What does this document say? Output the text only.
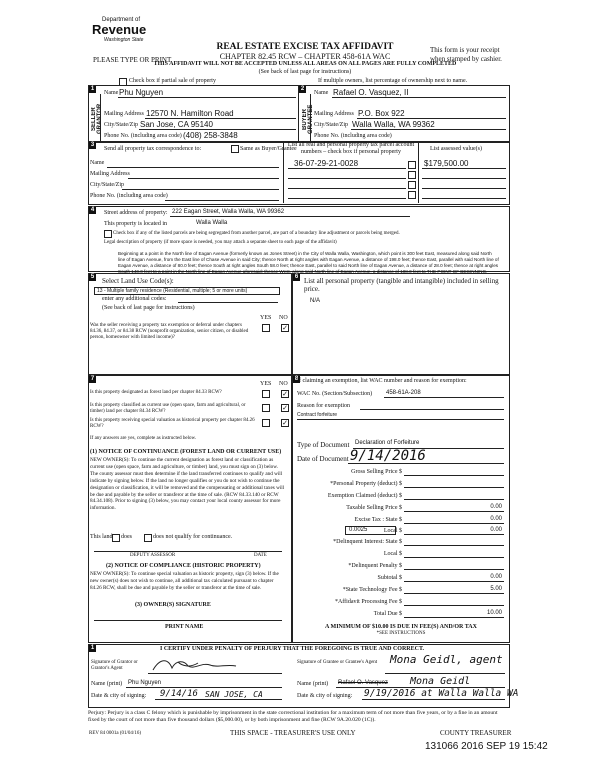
Department of
Revenue
Washington State
PLEASE TYPE OR PRINT
REAL ESTATE EXCISE TAX AFFIDAVIT
CHAPTER 82.45 RCW – CHAPTER 458-61A WAC
THIS AFFIDAVIT WILL NOT BE ACCEPTED UNLESS ALL AREAS ON ALL PAGES ARE FULLY COMPLETED
(See back of last page for instructions)
This form is your receipt
when stamped by cashier.
Check box if partial sale of property	If multiple owners, list percentage of ownership next to name.
1	2
SELLER GRANTOR	BUYER GRANTEE
Name Phu Nguyen
Mailing Address 12570 N. Hamilton Road
City/State/Zip San Jose, CA 95140
Phone No. (including area code) (408) 258-3848
Name Rafael O. Vasquez, II
Mailing Address P.O. Box 922
City/State/Zip Walla Walla, WA 99362
Phone No. (including area code)
3
Send all property tax correspondence to:	Same as Buyer/Grantee
Name
Mailing Address
City/State/Zip
Phone No. (including area code)
List all real and personal property tax parcel account numbers – check box if personal property	List assessed value(s)
36-07-29-21-0028	$179,500.00
4	Street address of property: 222 Eagan Street, Walla Walla, WA 99362
This property is located in	Walla Walla
Check box if any of the listed parcels are being segregated from another parcel, are part of a boundary line adjustment or parcels being merged.
Legal description of property (if more space is needed, you may attach a separate sheet to each page of the affidavit)
Beginning at a point in the North line of Eagan Avenue (formerly known as Jones Street) in the City of Walla Walla, Washington, which point is 300 feet East, measured along said North line of Eagan Avenue, from the East line of Chase Avenue in said City; thence North at right angles with Eagan Avenue, a distance of 198.0 feet; thence East, parallel with said North line of Eagan Avenue, a distance of 80.0 feet; thence South at right angles South 58.0 feet; thence East, parallel to said North line of Eagan Avenue, a distance of 28.0 feet; thence at right angles South 140.0 feet to a point in the North line of Eagan Avenue aforesaid; thence West, along said North line of Eagan Avenue, a distance of 108.0 feet to THE POINT OF BEGINNING.
5 Select Land Use Code(s):
13 - Multiple family residence (Residential, multiple; 5 or more units)
enter any additional codes:
(See back of last page for instructions)
YES NO
Was the seller receiving a property tax exemption or deferral under chapters 84.36, 84.37, or 84.38 RCW (nonprofit organization, senior citizen, or disabled person, homeowner with limited income)?
✓
6 List all personal property (tangible and intangible) included in selling price.
N/A
7
YES NO
Is this property designated as forest land per chapter 84.33 RCW?	✓
Is this property classified as current use (open space, farm and agricultural, or timber) land per chapter 84.34 RCW?	✓
Is this property receiving special valuation as historical property per chapter 84.26 RCW?	✓
If any answers are yes, complete as instructed below.
(1) NOTICE OF CONTINUANCE (FOREST LAND OR CURRENT USE)
NEW OWNER(S): To continue the current designation as forest land or classification as current use (open space, farm and agriculture, or timber) land, you must sign on (3) below. The county assessor must then determine if the land transferred continues to qualify and will indicate by signing below. If the land no longer qualifies or you do not wish to continue the designation or classification, it will be removed and the compensating or additional taxes will be due and payable by the seller or transferor at the time of sale. (RCW 84.33.140 or RCW 84.34.108). Prior to signing (3) below, you may contact your local county assessor for more information.
This land does	does not qualify for continuance.
DEPUTY ASSESSOR	DATE
(2) NOTICE OF COMPLIANCE (HISTORIC PROPERTY)
NEW OWNER(S): To continue special valuation as historic property, sign (3) below. If the new owner(s) does not wish to continue, all additional tax calculated pursuant to chapter 84.26 RCW, shall be due and payable by the seller or transferor at the time of sale.
(3) OWNER(S) SIGNATURE
PRINT NAME
8
If claiming an exemption, list WAC number and reason for exemption:
WAC No. (Section/Subsection) 458-61A-208
Reason for exemption
Contract forfeiture
Type of Document Declaration of Forfeiture
Date of Document 9/14/2016
Gross Selling Price $
*Personal Property (deduct) $
Exemption Claimed (deduct) $
Taxable Selling Price $	0.00
Excise Tax : State $	0.00
0.0025	Local $	0.00
*Delinquent Interest: State $
Local $
*Delinquent Penalty $
Subtotal $	0.00
*State Technology Fee $	5.00
*Affidavit Processing Fee $
Total Due $	10.00
A MINIMUM OF $10.00 IS DUE IN FEE(S) AND/OR TAX
*SEE INSTRUCTIONS
1	I CERTIFY UNDER PENALTY OF PERJURY THAT THE FOREGOING IS TRUE AND CORRECT.
Signature of Grantor or Grantor's Agent
Name (print) Phu Nguyen
Date & city of signing: 9/14/16 SAN JOSE, CA
Signature of Grantee or Grantee's Agent	Mona Geidl, agent
Name (print) Rafael O. Vasquez Mona Geidl
Date & city of signing: 9/19/2016 at Walla Walla WA
Perjury: Perjury is a class C felony which is punishable by imprisonment in the state correctional institution for a maximum term of not more than five years, or by a fine in an amount fixed by the court of not more than five thousand dollars ($5,000.00), or by both imprisonment and fine (RCW 9A.20.020 (1C)).
REV 84 0001a (01/04/16)	THIS SPACE - TREASURER'S USE ONLY	COUNTY TREASURER
131066 2016 SEP 19 15:42
